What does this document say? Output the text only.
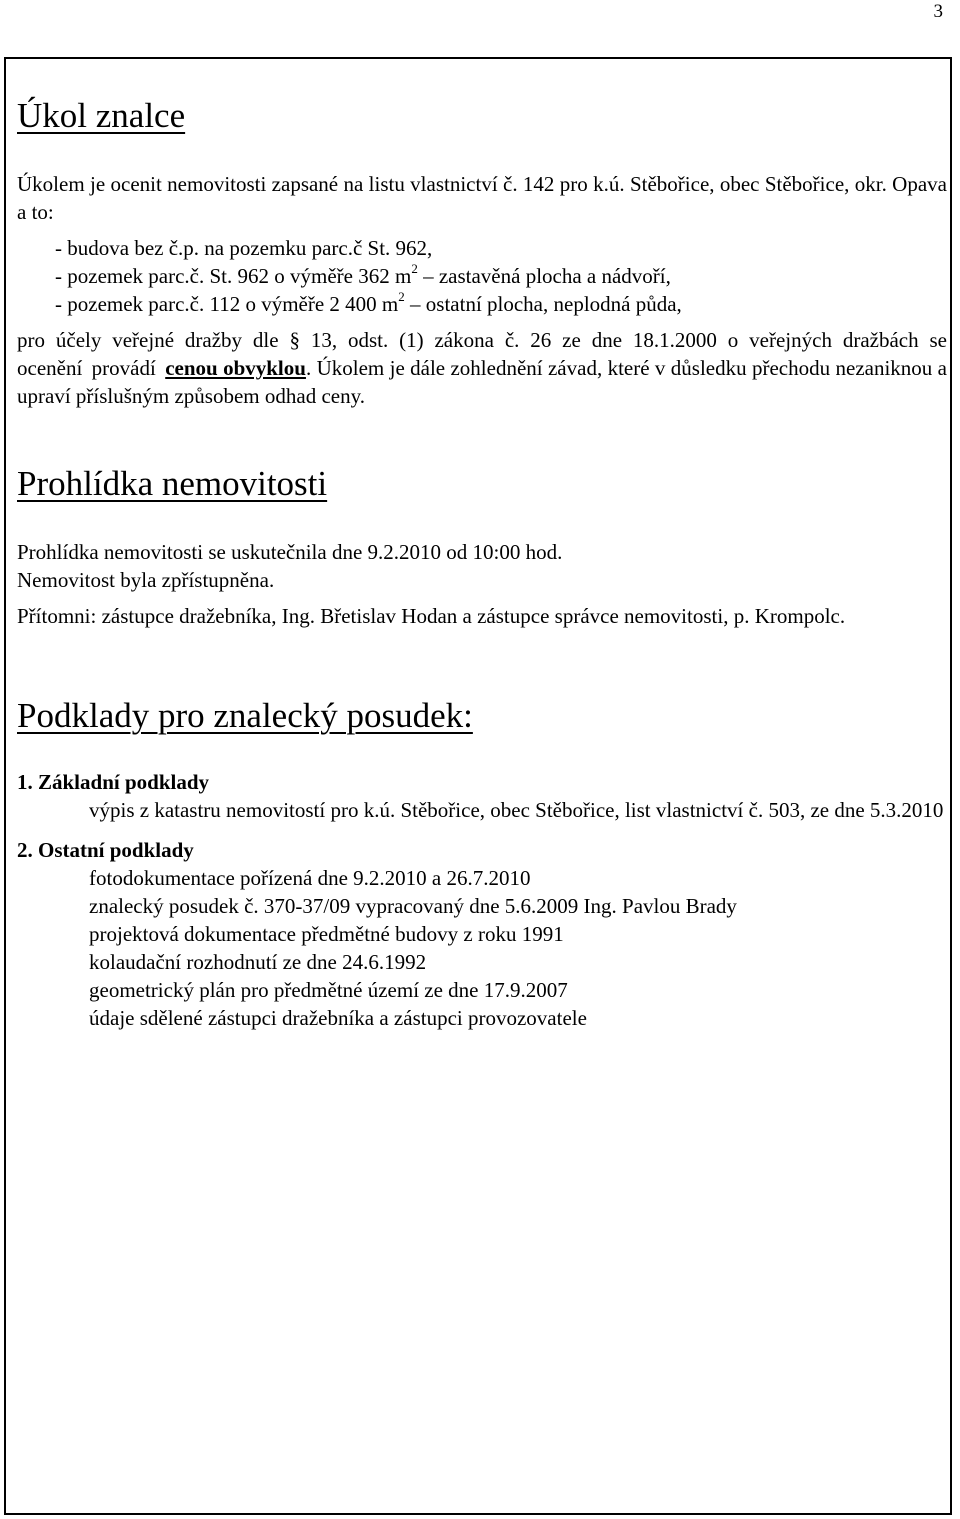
3
Úkol znalce

Úkolem je ocenit nemovitosti zapsané na listu vlastnictví č. 142 pro k.ú. Stěbořice, obec Stěbořice, okr. Opava a to:

- budova bez č.p. na pozemku parc.č St. 962,
- pozemek parc.č. St. 962 o výměře 362 $m^2$ – zastavěná plocha a nádvoří,
- pozemek parc.č. 112 o výměře 2 400 $m^2$ – ostatní plocha, neplodná půda,

pro účely veřejné dražby dle § 13, odst. (1) zákona č. 26 ze dne 18.1.2000 o veřejných dražbách se ocenění provádí cenou obvyklou. Úkolem je dále zohlednění závad, které v důsledku přechodu nezaniknou a upraví příslušným způsobem odhad ceny.

Prohlídka nemovitosti

Prohlídka nemovitosti se uskutečnila dne 9.2.2010 od 10:00 hod.

Nemovitost byla zpřístupněna.

Přítomni: zástupce dražebníka, Ing. Břetislav Hodan a zástupce správce nemovitosti, p. Krompolc.

Podklady pro znalecký posudek:

1. Základní podklady

výpis z katastru nemovitostí pro k.ú. Stěbořice, obec Stěbořice, list vlastnictví č. 503, ze dne 5.3.2010

2. Ostatní podklady

fotodokumentace pořízená dne 9.2.2010 a 26.7.2010
znalecký posudek č. 370-37/09 vypracovaný dne 5.6.2009 Ing. Pavlou Brady
projektová dokumentace předmětné budovy z roku 1991
kolaudační rozhodnutí ze dne 24.6.1992
geometrický plán pro předmětné území ze dne 17.9.2007
údaje sdělené zástupci dražebníka a zástupci provozovatele
